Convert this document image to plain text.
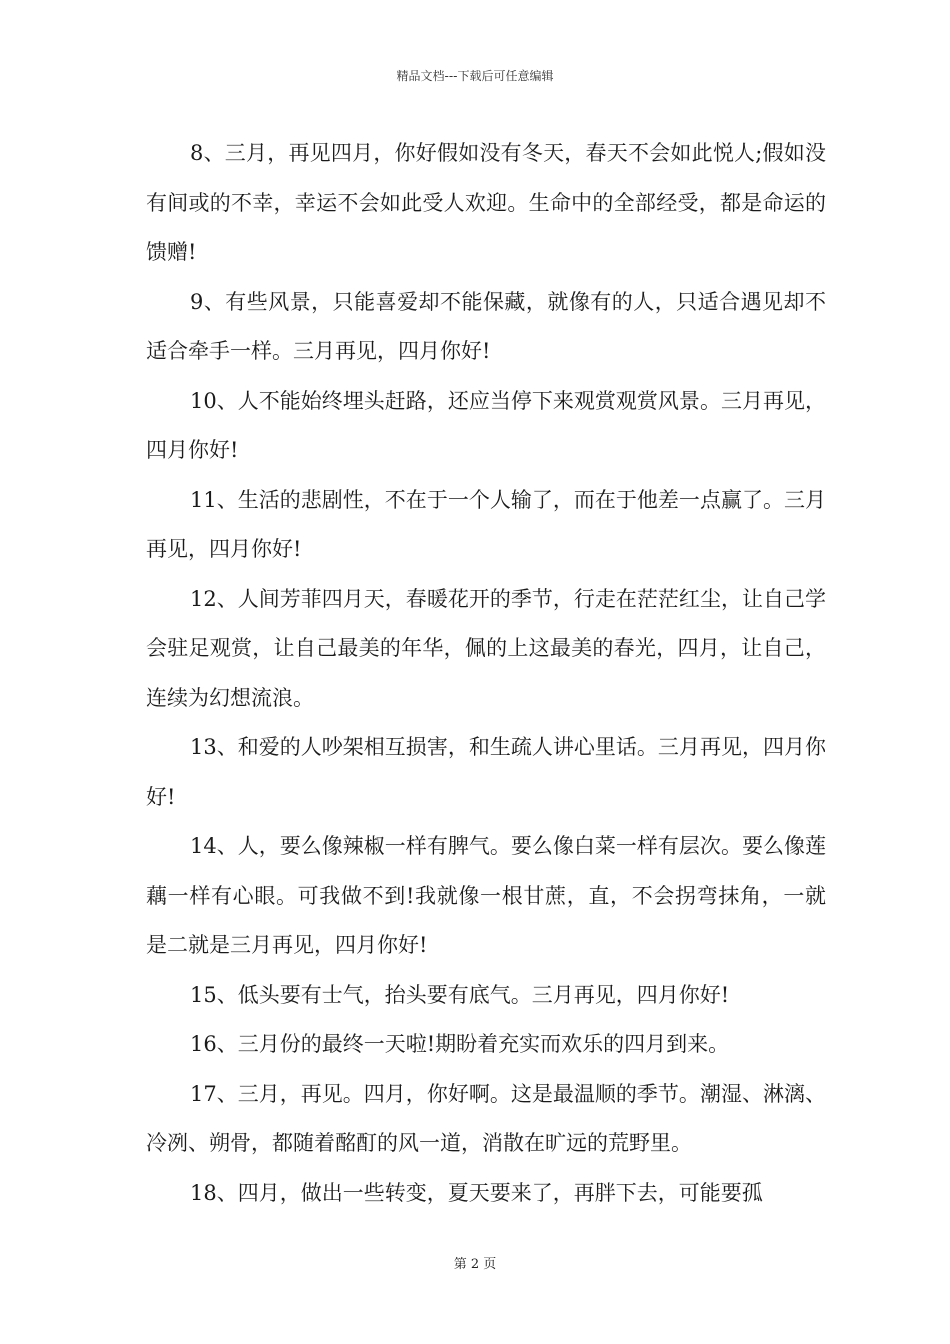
精品文档---下载后可任意编辑

8、三月，再见四月，你好假如没有冬天，春天不会如此悦人;假如没有间或的不幸，幸运不会如此受人欢迎。生命中的全部经受，都是命运的馈赠!

9、有些风景，只能喜爱却不能保藏，就像有的人，只适合遇见却不适合牵手一样。三月再见，四月你好!

10、人不能始终埋头赶路，还应当停下来观赏观赏风景。三月再见，四月你好!

11、生活的悲剧性，不在于一个人输了，而在于他差一点赢了。三月再见，四月你好!

12、人间芳菲四月天，春暖花开的季节，行走在茫茫红尘，让自己学会驻足观赏，让自己最美的年华，佩的上这最美的春光，四月，让自己，连续为幻想流浪。

13、和爱的人吵架相互损害，和生疏人讲心里话。三月再见，四月你好!

14、人，要么像辣椒一样有脾气。要么像白菜一样有层次。要么像莲藕一样有心眼。可我做不到!我就像一根甘蔗，直，不会拐弯抹角，一就是二就是三月再见，四月你好!

15、低头要有士气，抬头要有底气。三月再见，四月你好!

16、三月份的最终一天啦!期盼着充实而欢乐的四月到来。

17、三月，再见。四月，你好啊。这是最温顺的季节。潮湿、淋漓、冷冽、朔骨，都随着酩酊的风一道，消散在旷远的荒野里。

18、四月，做出一些转变，夏天要来了，再胖下去，可能要孤

第 2 页
